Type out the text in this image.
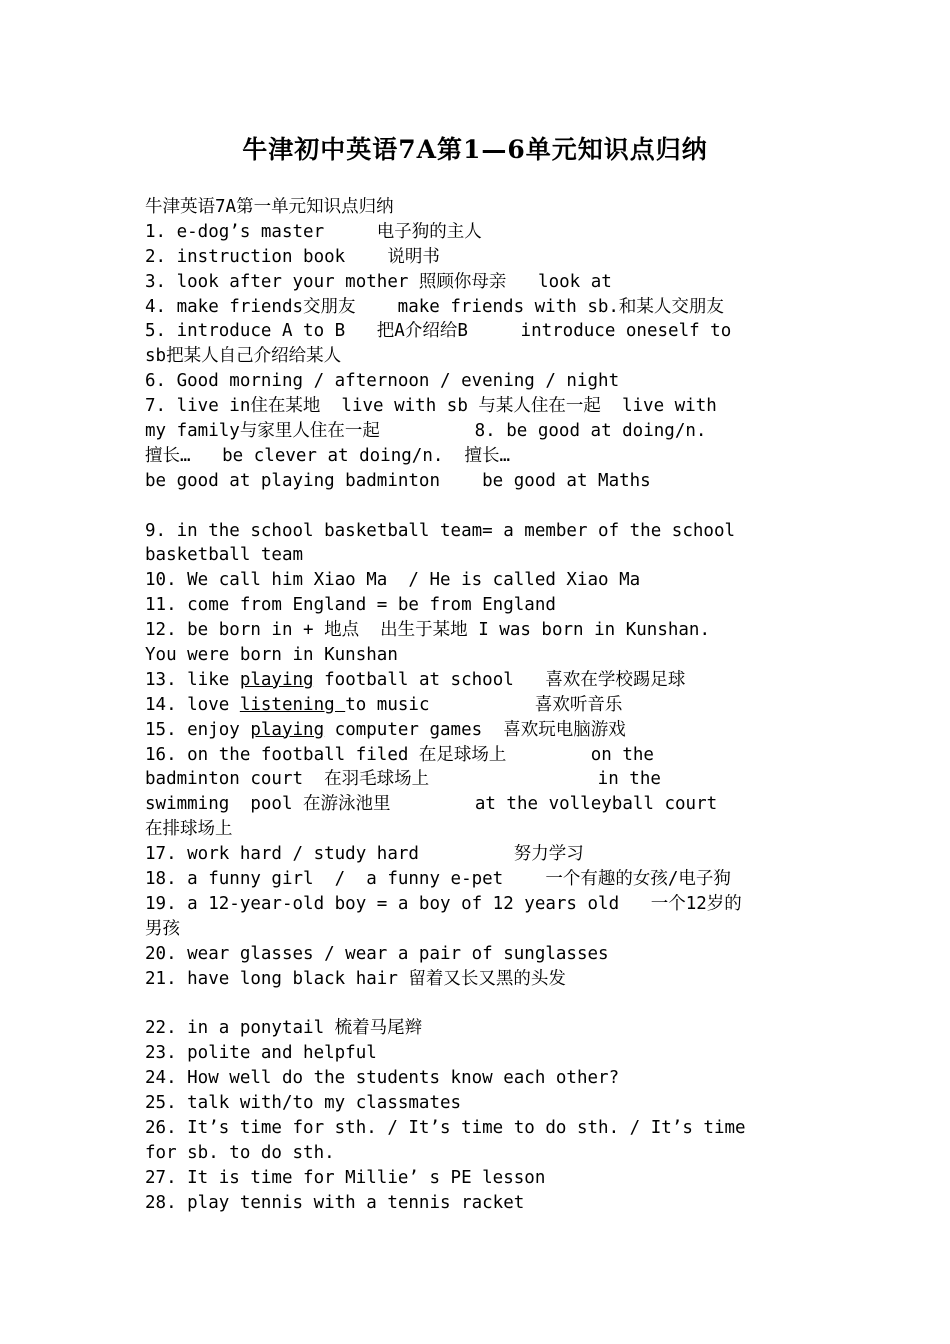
牛津初中英语7A第1—6单元知识点归纳
牛津英语7A第一单元知识点归纳
1. e-dog’s master     电子狗的主人
2. instruction book    说明书
3. look after your mother 照顾你母亲   look at
4. make friends交朋友    make friends with sb.和某人交朋友
5. introduce A to B   把A介绍给B     introduce oneself to
sb把某人自己介绍给某人
6. Good morning / afternoon / evening / night
7. live in住在某地  live with sb 与某人住在一起  live with
my family与家里人住在一起         8. be good at doing/n.
擅长…   be clever at doing/n.  擅长…
be good at playing badminton    be good at Maths
9. in the school basketball team= a member of the school
basketball team
10. We call him Xiao Ma  / He is called Xiao Ma
11. come from England = be from England
12. be born in + 地点  出生于某地 I was born in Kunshan.
You were born in Kunshan
13. like playing football at school   喜欢在学校踢足球
14. love listening to music          喜欢听音乐
15. enjoy playing computer games  喜欢玩电脑游戏
16. on the football filed 在足球场上        on the
badminton court  在羽毛球场上                in the
swimming  pool 在游泳池里        at the volleyball court
在排球场上
17. work hard / study hard         努力学习
18. a funny girl  /  a funny e-pet    一个有趣的女孩/电子狗
19. a 12-year-old boy = a boy of 12 years old   一个12岁的
男孩
20. wear glasses / wear a pair of sunglasses
21. have long black hair 留着又长又黑的头发
22. in a ponytail 梳着马尾辫
23. polite and helpful
24. How well do the students know each other?
25. talk with/to my classmates
26. It’s time for sth. / It’s time to do sth. / It’s time
for sb. to do sth.
27. It is time for Millie’ s PE lesson
28. play tennis with a tennis racket
